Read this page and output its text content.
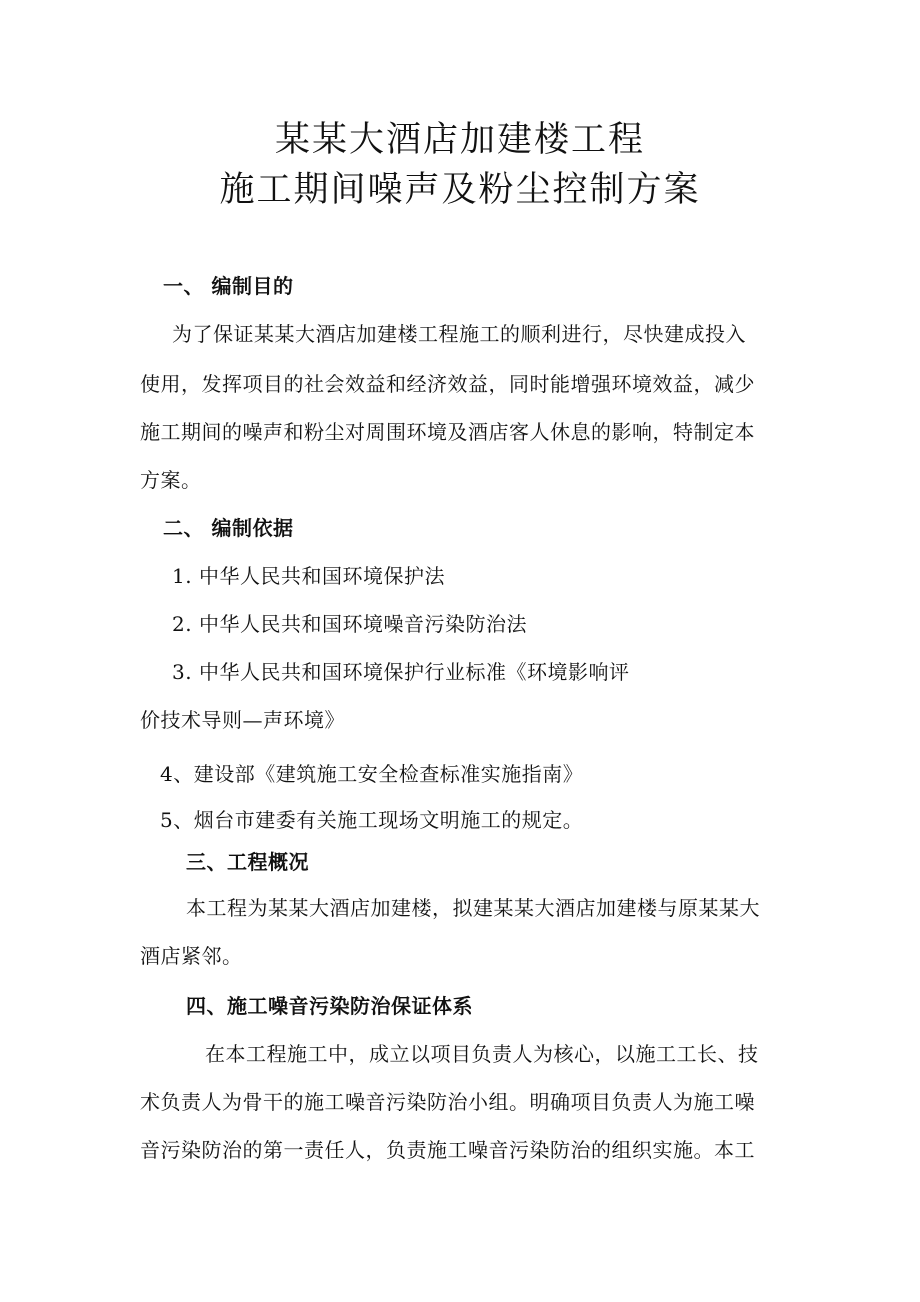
某某大酒店加建楼工程
施工期间噪声及粉尘控制方案
一、 编制目的
为了保证某某大酒店加建楼工程施工的顺利进行，尽快建成投入
使用，发挥项目的社会效益和经济效益，同时能增强环境效益，减少
施工期间的噪声和粉尘对周围环境及酒店客人休息的影响，特制定本
方案。
二、 编制依据
1. 中华人民共和国环境保护法
2. 中华人民共和国环境噪音污染防治法
3. 中华人民共和国环境保护行业标准《环境影响评
价技术导则—声环境》
4、建设部《建筑施工安全检查标准实施指南》
5、烟台市建委有关施工现场文明施工的规定。
三、工程概况
本工程为某某大酒店加建楼，拟建某某大酒店加建楼与原某某大
酒店紧邻。
四、施工噪音污染防治保证体系
在本工程施工中，成立以项目负责人为核心，以施工工长、技
术负责人为骨干的施工噪音污染防治小组。明确项目负责人为施工噪
音污染防治的第一责任人，负责施工噪音污染防治的组织实施。本工
